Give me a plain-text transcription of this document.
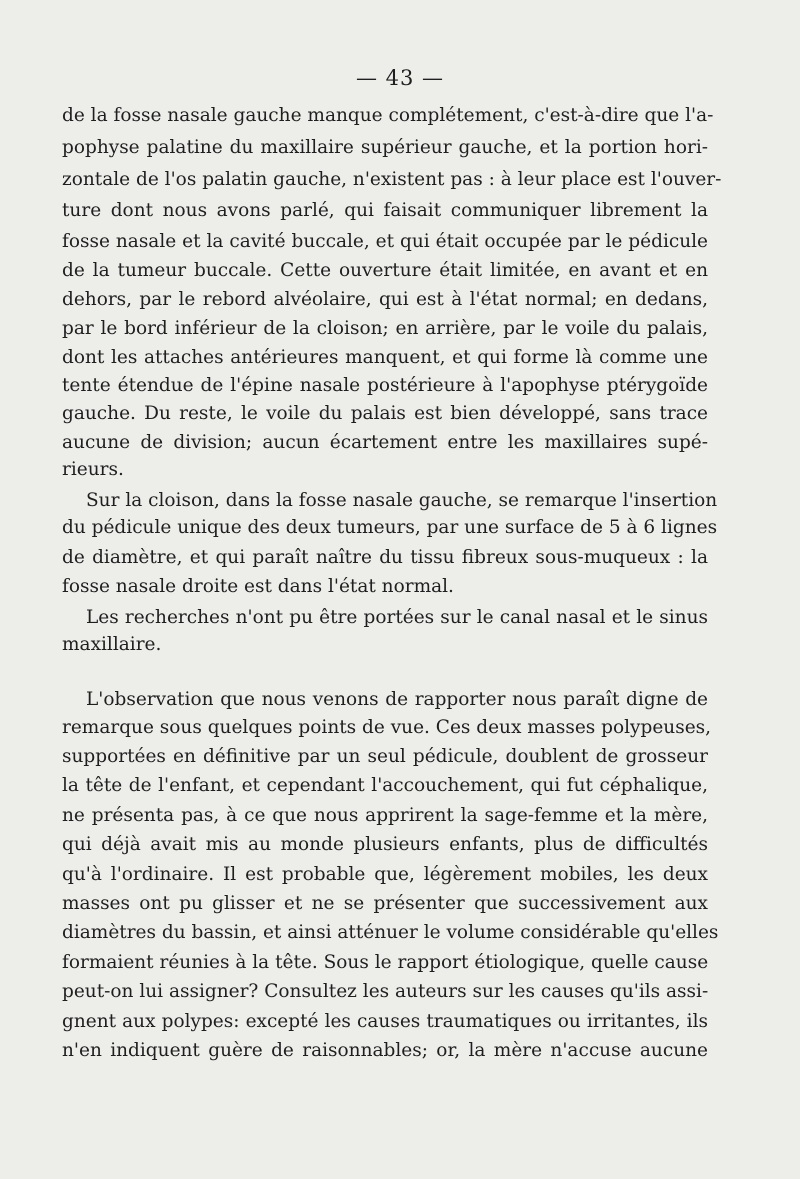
— 43 —
de la fosse nasale gauche manque complétement, c'est-à-dire que l'a-
pophyse palatine du maxillaire supérieur gauche, et la portion hori-
zontale de l'os palatin gauche, n'existent pas : à leur place est l'ouver-
ture dont nous avons parlé, qui faisait communiquer librement la
fosse nasale et la cavité buccale, et qui était occupée par le pédicule
de la tumeur buccale. Cette ouverture était limitée, en avant et en
dehors, par le rebord alvéolaire, qui est à l'état normal; en dedans,
par le bord inférieur de la cloison; en arrière, par le voile du palais,
dont les attaches antérieures manquent, et qui forme là comme une
tente étendue de l'épine nasale postérieure à l'apophyse ptérygoïde
gauche. Du reste, le voile du palais est bien développé, sans trace
aucune de division; aucun écartement entre les maxillaires supé-
rieurs.
Sur la cloison, dans la fosse nasale gauche, se remarque l'insertion
du pédicule unique des deux tumeurs, par une surface de 5 à 6 lignes
de diamètre, et qui paraît naître du tissu fibreux sous-muqueux : la
fosse nasale droite est dans l'état normal.
Les recherches n'ont pu être portées sur le canal nasal et le sinus
maxillaire.
L'observation que nous venons de rapporter nous paraît digne de
remarque sous quelques points de vue. Ces deux masses polypeuses,
supportées en définitive par un seul pédicule, doublent de grosseur
la tête de l'enfant, et cependant l'accouchement, qui fut céphalique,
ne présenta pas, à ce que nous apprirent la sage-femme et la mère,
qui déjà avait mis au monde plusieurs enfants, plus de difficultés
qu'à l'ordinaire. Il est probable que, légèrement mobiles, les deux
masses ont pu glisser et ne se présenter que successivement aux
diamètres du bassin, et ainsi atténuer le volume considérable qu'elles
formaient réunies à la tête. Sous le rapport étiologique, quelle cause
peut-on lui assigner? Consultez les auteurs sur les causes qu'ils assi-
gnent aux polypes: excepté les causes traumatiques ou irritantes, ils
n'en indiquent guère de raisonnables; or, la mère n'accuse aucune
